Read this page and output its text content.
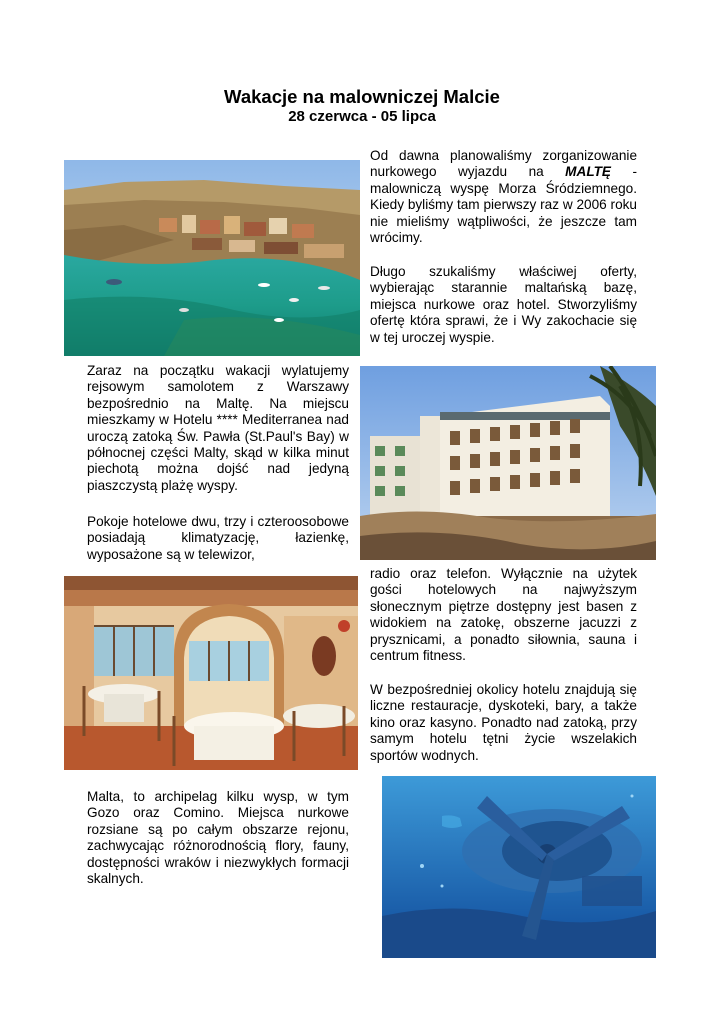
Wakacje na malowniczej Malcie
28 czerwca - 05 lipca

Od dawna planowaliśmy zorganizowanie nurkowego wyjazdu na MALTĘ - malowniczą wyspę Morza Śródziemnego. Kiedy byliśmy tam pierwszy raz w 2006 roku nie mieliśmy wątpliwości, że jeszcze tam wrócimy.

Długo szukaliśmy właściwej oferty, wybierając starannie maltańską bazę, miejsca nurkowe oraz hotel. Stworzyliśmy ofertę która sprawi, że i Wy zakochacie się w tej uroczej wyspie.

Zaraz na początku wakacji wylatujemy rejsowym samolotem z Warszawy bezpośrednio na Maltę. Na miejscu mieszkamy w Hotelu **** Mediterranea nad uroczą zatoką Św. Pawła (St.Paul's Bay) w północnej części Malty, skąd w kilka minut piechotą można dojść nad jedyną piaszczystą plażę wyspy.

Pokoje hotelowe dwu, trzy i czteroosobowe posiadają klimatyzację, łazienkę, wyposażone są w telewizor,

radio oraz telefon. Wyłącznie na użytek gości hotelowych na najwyższym słonecznym piętrze dostępny jest basen z widokiem na zatokę, obszerne jacuzzi z prysznicami, a ponadto siłownia, sauna i centrum fitness.

W bezpośredniej okolicy hotelu znajdują się liczne restauracje, dyskoteki, bary, a także kino oraz kasyno. Ponadto nad zatoką, przy samym hotelu tętni życie wszelakich sportów wodnych.

Malta, to archipelag kilku wysp, w tym Gozo oraz Comino. Miejsca nurkowe rozsiane są po całym obszarze rejonu, zachwycając różnorodnością flory, fauny, dostępności wraków i niezwykłych formacji skalnych.
